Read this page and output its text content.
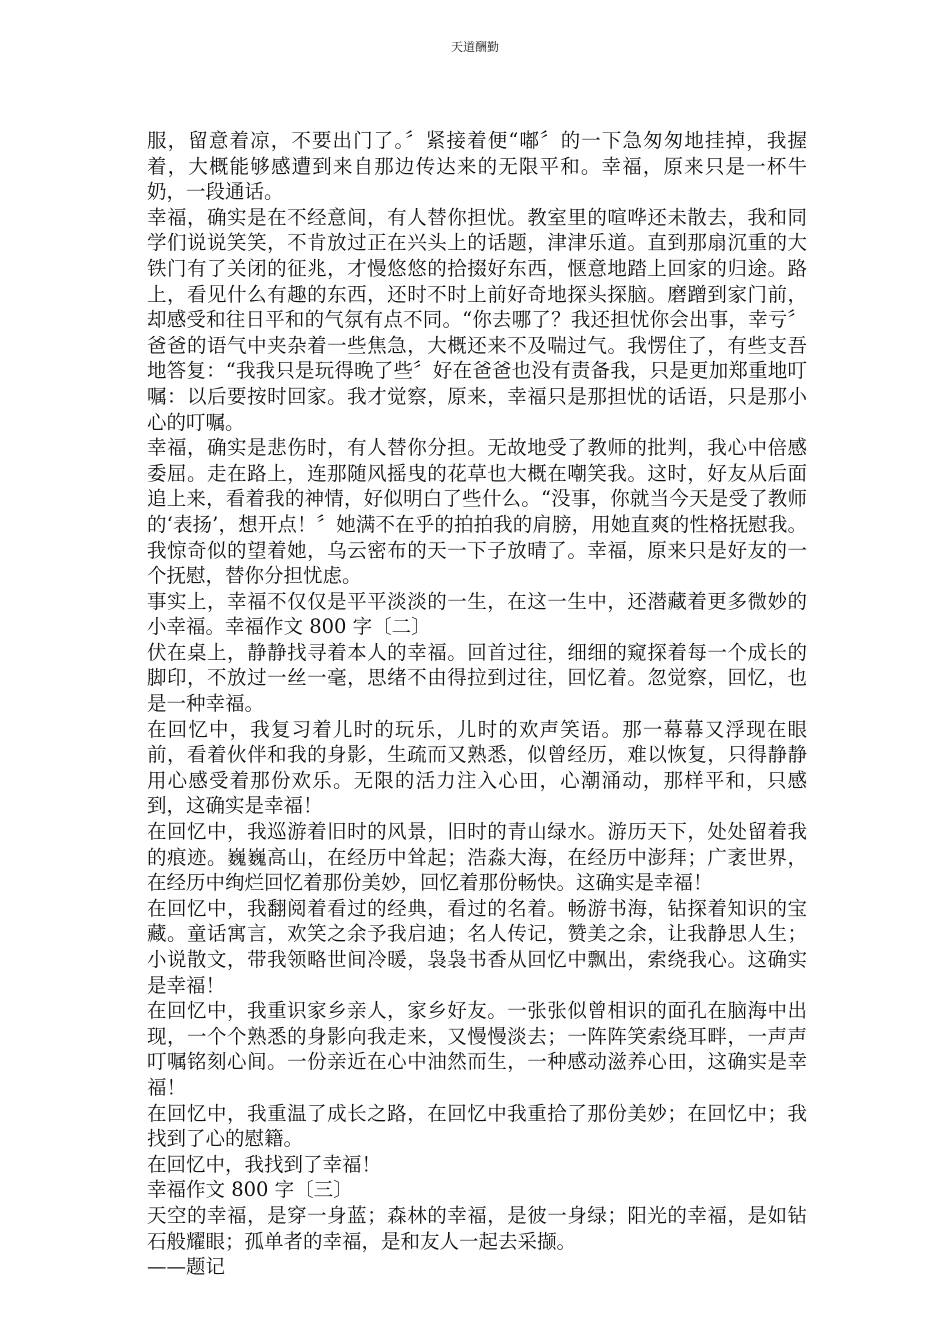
天道酬勤

服，留意着凉，不要出门了。〞紧接着便“嘟〞的一下急匆匆地挂掉，我握着，大概能够感遭到来自那边传达来的无限平和。幸福，原来只是一杯牛奶，一段通话。

幸福，确实是在不经意间，有人替你担忧。教室里的喧哗还未散去，我和同学们说说笑笑，不肯放过正在兴头上的话题，津津乐道。直到那扇沉重的大铁门有了关闭的征兆，才慢悠悠的拾掇好东西，惬意地踏上回家的归途。路上，看见什么有趣的东西，还时不时上前好奇地探头探脑。磨蹭到家门前，却感受和往日平和的气氛有点不同。“你去哪了？我还担忧你会出事，幸亏〞爸爸的语气中夹杂着一些焦急，大概还来不及喘过气。我愣住了，有些支吾地答复：“我我只是玩得晚了些〞好在爸爸也没有责备我，只是更加郑重地叮嘱：以后要按时回家。我才觉察，原来，幸福只是那担忧的话语，只是那小心的叮嘱。

幸福，确实是悲伤时，有人替你分担。无故地受了教师的批判，我心中倍感委屈。走在路上，连那随风摇曳的花草也大概在嘲笑我。这时，好友从后面追上来，看着我的神情，好似明白了些什么。“没事，你就当今天是受了教师的‘表扬’，想开点！〞她满不在乎的拍拍我的肩膀，用她直爽的性格抚慰我。我惊奇似的望着她，乌云密布的天一下子放晴了。幸福，原来只是好友的一个抚慰，替你分担忧虑。

事实上，幸福不仅仅是平平淡淡的一生，在这一生中，还潜藏着更多微妙的小幸福。幸福作文 800 字〔二〕

伏在桌上，静静找寻着本人的幸福。回首过往，细细的窥探着每一个成长的脚印，不放过一丝一毫，思绪不由得拉到过往，回忆着。忽觉察，回忆，也是一种幸福。

在回忆中，我复习着儿时的玩乐，儿时的欢声笑语。那一幕幕又浮现在眼前，看着伙伴和我的身影，生疏而又熟悉，似曾经历，难以恢复，只得静静用心感受着那份欢乐。无限的活力注入心田，心潮涌动，那样平和，只感到，这确实是幸福！

在回忆中，我巡游着旧时的风景，旧时的青山绿水。游历天下，处处留着我的痕迹。巍巍高山，在经历中耸起；浩淼大海，在经历中澎拜；广袤世界，在经历中绚烂回忆着那份美妙，回忆着那份畅快。这确实是幸福！

在回忆中，我翻阅着看过的经典，看过的名着。畅游书海，钻探着知识的宝藏。童话寓言，欢笑之余予我启迪；名人传记，赞美之余，让我静思人生；小说散文，带我领略世间冷暖，袅袅书香从回忆中飘出，索绕我心。这确实是幸福！

在回忆中，我重识家乡亲人，家乡好友。一张张似曾相识的面孔在脑海中出现，一个个熟悉的身影向我走来，又慢慢淡去；一阵阵笑索绕耳畔，一声声叮嘱铭刻心间。一份亲近在心中油然而生，一种感动滋养心田，这确实是幸福！

在回忆中，我重温了成长之路，在回忆中我重拾了那份美妙；在回忆中；我找到了心的慰籍。

在回忆中，我找到了幸福！

幸福作文 800 字〔三〕

天空的幸福，是穿一身蓝；森林的幸福，是彼一身绿；阳光的幸福，是如钻石般耀眼；孤单者的幸福，是和友人一起去采撷。

——题记
